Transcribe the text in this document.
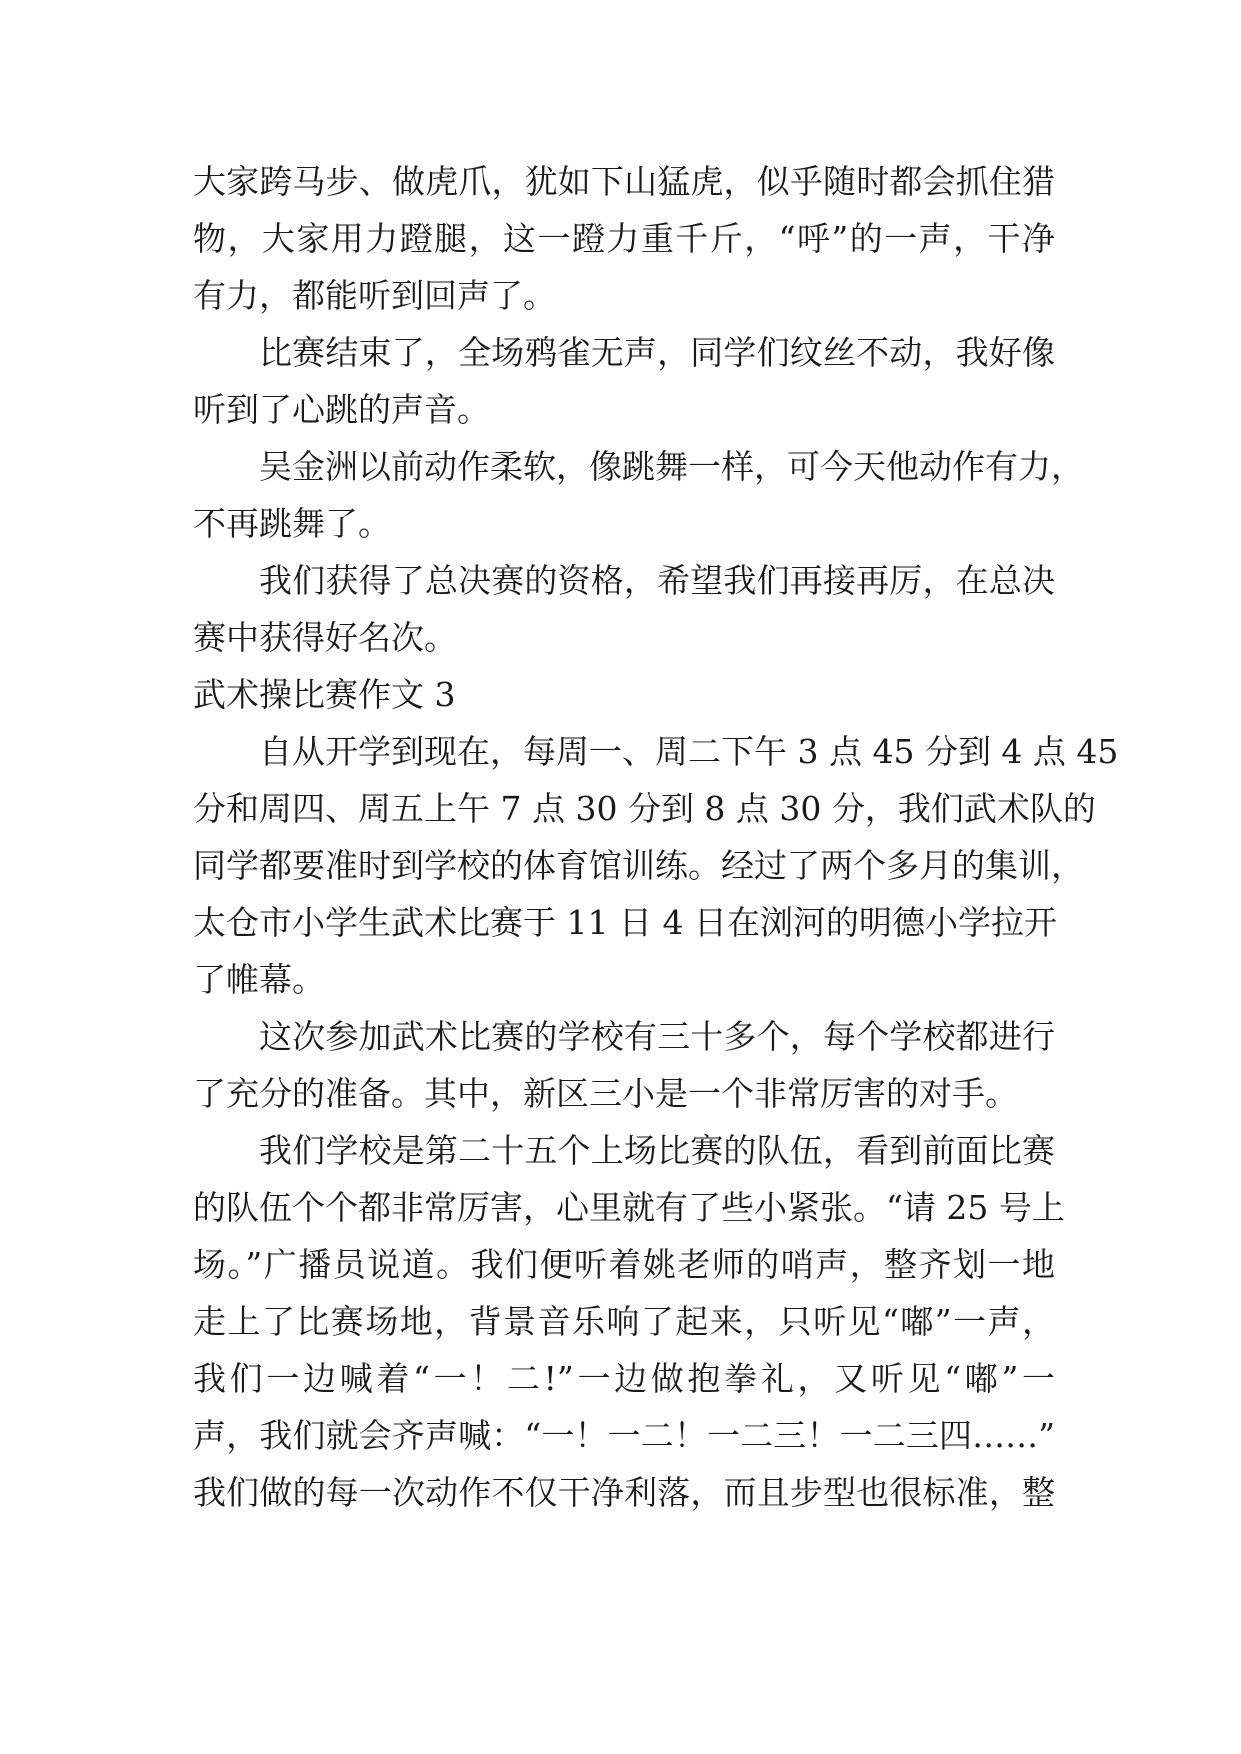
大家跨马步、做虎爪，犹如下山猛虎，似乎随时都会抓住猎
物，大家用力蹬腿，这一蹬力重千斤，“呼”的一声，干净
有力，都能听到回声了。
比赛结束了，全场鸦雀无声，同学们纹丝不动，我好像
听到了心跳的声音。
吴金洲以前动作柔软，像跳舞一样，可今天他动作有力，
不再跳舞了。
我们获得了总决赛的资格，希望我们再接再厉，在总决
赛中获得好名次。
武术操比赛作文 3
自从开学到现在，每周一、周二下午 3 点 45 分到 4 点 45
分和周四、周五上午 7 点 30 分到 8 点 30 分，我们武术队的
同学都要准时到学校的体育馆训练。经过了两个多月的集训，
太仓市小学生武术比赛于 11 日 4 日在浏河的明德小学拉开
了帷幕。
这次参加武术比赛的学校有三十多个，每个学校都进行
了充分的准备。其中，新区三小是一个非常厉害的对手。
我们学校是第二十五个上场比赛的队伍，看到前面比赛
的队伍个个都非常厉害，心里就有了些小紧张。“请 25 号上
场。”广播员说道。我们便听着姚老师的哨声，整齐划一地
走上了比赛场地，背景音乐响了起来，只听见“嘟”一声，
我们一边喊着“一！二!”一边做抱拳礼，又听见“嘟”一
声，我们就会齐声喊：“一！一二！一二三！一二三四……”
我们做的每一次动作不仅干净利落，而且步型也很标准，整
